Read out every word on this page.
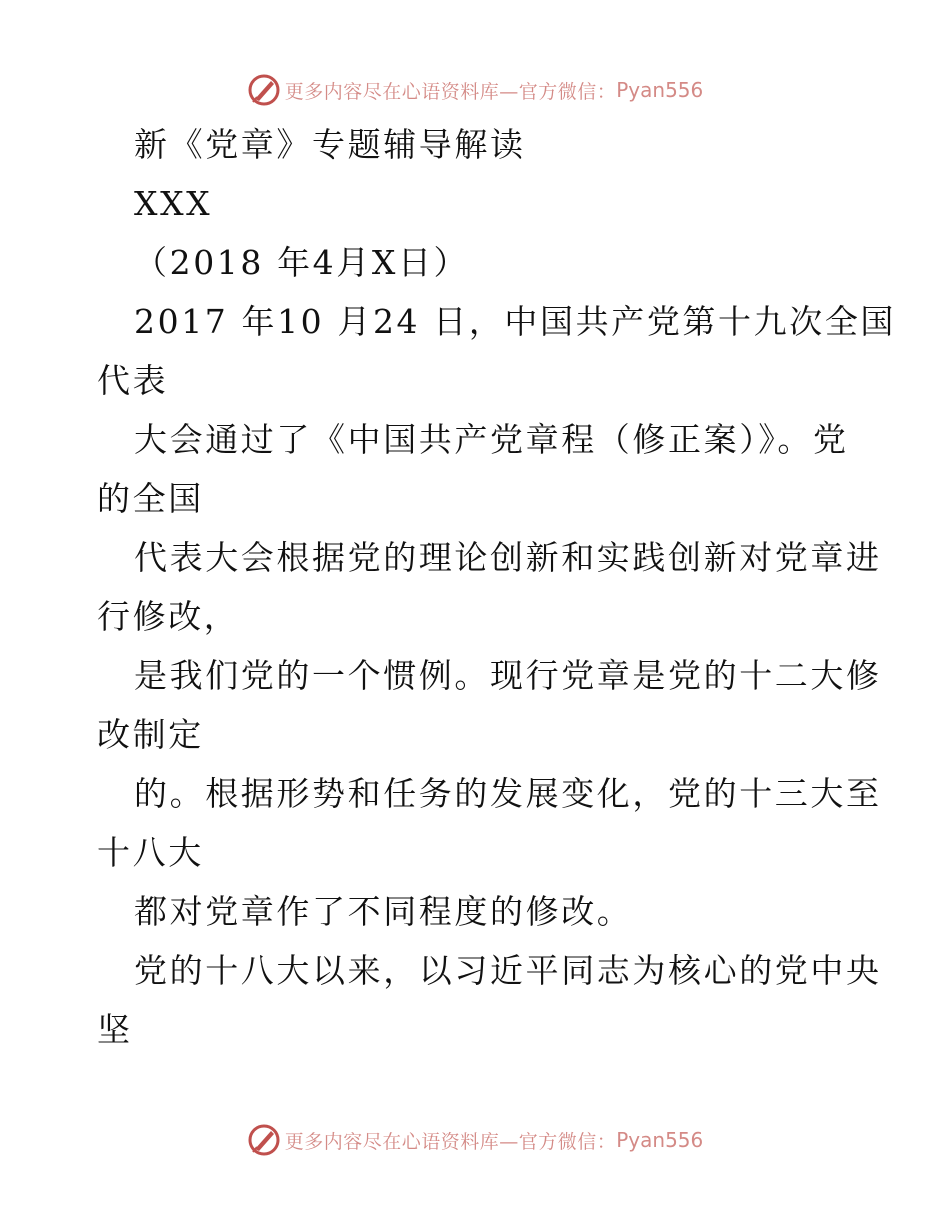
更多内容尽在心语资料库—官方微信： Pyan556
新《党章》专题辅导解读
XXX
（2018 年4月X日）
2017 年10 月24 日，中国共产党第十九次全国
代表
大会通过了《中国共产党章程（修正案）》。党
的全国
代表大会根据党的理论创新和实践创新对党章进
行修改，
是我们党的一个惯例。现行党章是党的十二大修
改制定
的。根据形势和任务的发展变化，党的十三大至
十八大
都对党章作了不同程度的修改。
党的十八大以来，以习近平同志为核心的党中央
坚
更多内容尽在心语资料库—官方微信： Pyan556
